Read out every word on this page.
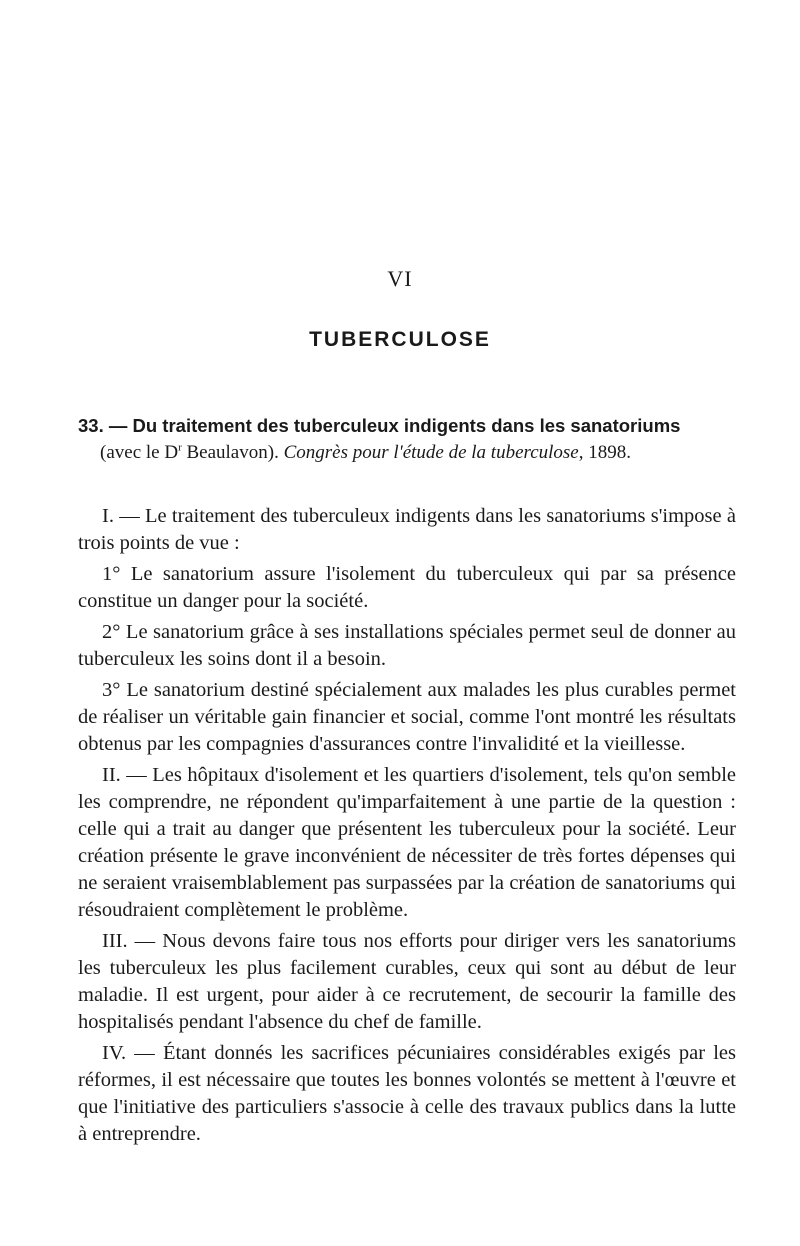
VI
TUBERCULOSE
33. — Du traitement des tuberculeux indigents dans les sanatoriums
(avec le $D^r$ Beaulavon). Congrès pour l'étude de la tuberculose, 1898.

I. — Le traitement des tuberculeux indigents dans les sanatoriums s'impose à trois points de vue :

1° Le sanatorium assure l'isolement du tuberculeux qui par sa présence constitue un danger pour la société.

2° Le sanatorium grâce à ses installations spéciales permet seul de donner au tuberculeux les soins dont il a besoin.

3° Le sanatorium destiné spécialement aux malades les plus curables permet de réaliser un véritable gain financier et social, comme l'ont montré les résultats obtenus par les compagnies d'assurances contre l'invalidité et la vieillesse.

II. — Les hôpitaux d'isolement et les quartiers d'isolement, tels qu'on semble les comprendre, ne répondent qu'imparfaitement à une partie de la question : celle qui a trait au danger que présentent les tuberculeux pour la société. Leur création présente le grave inconvénient de nécessiter de très fortes dépenses qui ne seraient vraisemblablement pas surpassées par la création de sanatoriums qui résoudraient complètement le problème.

III. — Nous devons faire tous nos efforts pour diriger vers les sanatoriums les tuberculeux les plus facilement curables, ceux qui sont au début de leur maladie. Il est urgent, pour aider à ce recrutement, de secourir la famille des hospitalisés pendant l'absence du chef de famille.

IV. — Étant donnés les sacrifices pécuniaires considérables exigés par les réformes, il est nécessaire que toutes les bonnes volontés se mettent à l'œuvre et que l'initiative des particuliers s'associe à celle des travaux publics dans la lutte à entreprendre.
